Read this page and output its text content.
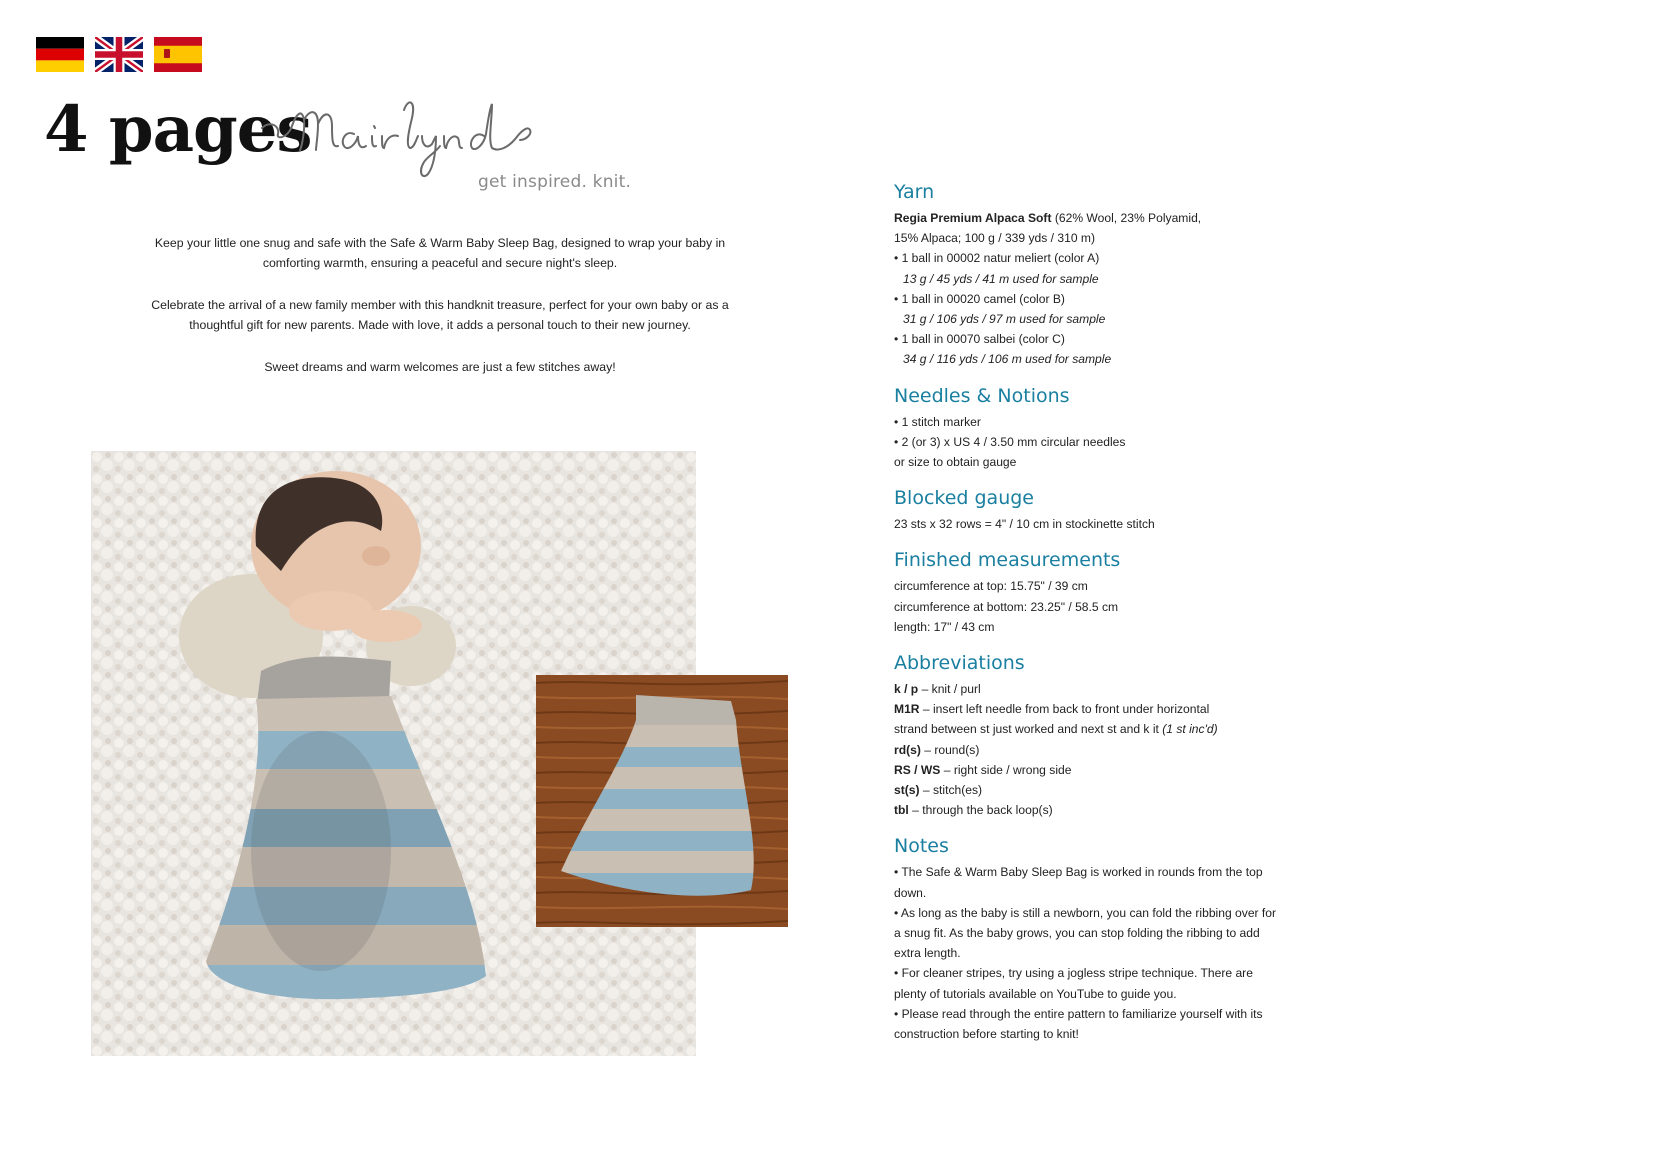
4 pages
get inspired. knit.

Keep your little one snug and safe with the Safe & Warm Baby Sleep Bag, designed to wrap your baby in comforting warmth, ensuring a peaceful and secure night's sleep.

Celebrate the arrival of a new family member with this handknit treasure, perfect for your own baby or as a thoughtful gift for new parents. Made with love, it adds a personal touch to their new journey.

Sweet dreams and warm welcomes are just a few stitches away!

Yarn
Regia Premium Alpaca Soft (62% Wool, 23% Polyamid,
15% Alpaca; 100 g / 339 yds / 310 m)
• 1 ball in 00002 natur meliert (color A)
13 g / 45 yds / 41 m used for sample
• 1 ball in 00020 camel (color B)
31 g / 106 yds / 97 m used for sample
• 1 ball in 00070 salbei (color C)
34 g / 116 yds / 106 m used for sample
Needles & Notions
• 1 stitch marker
• 2 (or 3) x US 4 / 3.50 mm circular needles
or size to obtain gauge
Blocked gauge
23 sts x 32 rows = 4" / 10 cm in stockinette stitch
Finished measurements
circumference at top: 15.75" / 39 cm
circumference at bottom: 23.25" / 58.5 cm
length: 17" / 43 cm
Abbreviations
k / p – knit / purl
M1R – insert left needle from back to front under horizontal
strand between st just worked and next st and k it (1 st inc'd)
rd(s) – round(s)
RS / WS – right side / wrong side
st(s) – stitch(es)
tbl – through the back loop(s)
Notes
• The Safe & Warm Baby Sleep Bag is worked in rounds from the top down.
• As long as the baby is still a newborn, you can fold the ribbing over for a snug fit. As the baby grows, you can stop folding the ribbing to add extra length.
• For cleaner stripes, try using a jogless stripe technique. There are plenty of tutorials available on YouTube to guide you.
• Please read through the entire pattern to familiarize yourself with its construction before starting to knit!
